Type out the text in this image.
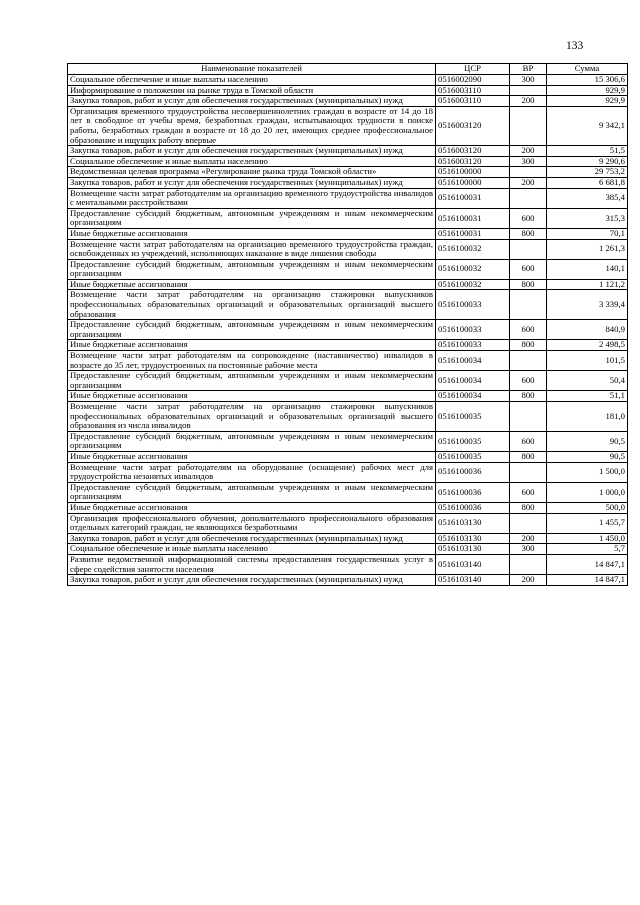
133
Наименование показателей	ЦСР	ВР	Сумма
Социальное обеспечение и иные выплаты населению	0516002090	300	15 306,6
Информирование о положении на рынке труда в Томской области	0516003110		929,9
Закупка товаров, работ и услуг для обеспечения государственных (муниципальных) нужд	0516003110	200	929,9
Организация временного трудоустройства несовершеннолетних граждан в возрасте от 14 до 18 лет в свободное от учебы время, безработных граждан, испытывающих трудности в поиске работы, безработных граждан в возрасте от 18 до 20 лет, имеющих среднее профессиональное образование и ищущих работу впервые	0516003120		9 342,1
Закупка товаров, работ и услуг для обеспечения государственных (муниципальных) нужд	0516003120	200	51,5
Социальное обеспечение и иные выплаты населению	0516003120	300	9 290,6
Ведомственная целевая программа «Регулирование рынка труда Томской области»	0516100000		29 753,2
Закупка товаров, работ и услуг для обеспечения государственных (муниципальных) нужд	0516100000	200	6 681,8
Возмещение части затрат работодателям на организацию временного трудоустройства инвалидов с ментальными расстройствами	0516100031		385,4
Предоставление субсидий бюджетным, автономным учреждениям и иным некоммерческим организациям	0516100031	600	315,3
Иные бюджетные ассигнования	0516100031	800	70,1
Возмещение части затрат работодателям на организацию временного трудоустройства граждан, освобожденных из учреждений, исполняющих наказание в виде лишения свободы	0516100032		1 261,3
Предоставление субсидий бюджетным, автономным учреждениям и иным некоммерческим организациям	0516100032	600	140,1
Иные бюджетные ассигнования	0516100032	800	1 121,2
Возмещение части затрат работодателям на организацию стажировки выпускников профессиональных образовательных организаций и образовательных организаций высшего образования	0516100033		3 339,4
Предоставление субсидий бюджетным, автономным учреждениям и иным некоммерческим организациям	0516100033	600	840,9
Иные бюджетные ассигнования	0516100033	800	2 498,5
Возмещение части затрат работодателям на сопровождение (наставничество) инвалидов в возрасте до 35 лет, трудоустроенных на постоянные рабочие места	0516100034		101,5
Предоставление субсидий бюджетным, автономным учреждениям и иным некоммерческим организациям	0516100034	600	50,4
Иные бюджетные ассигнования	0516100034	800	51,1
Возмещение части затрат работодателям на организацию стажировки выпускников профессиональных образовательных организаций и образовательных организаций высшего образования из числа инвалидов	0516100035		181,0
Предоставление субсидий бюджетным, автономным учреждениям и иным некоммерческим организациям	0516100035	600	90,5
Иные бюджетные ассигнования	0516100035	800	90,5
Возмещение части затрат работодателям на оборудование (оснащение) рабочих мест для трудоустройства незанятых инвалидов	0516100036		1 500,0
Предоставление субсидий бюджетным, автономным учреждениям и иным некоммерческим организациям	0516100036	600	1 000,0
Иные бюджетные ассигнования	0516100036	800	500,0
Организация профессионального обучения, дополнительного профессионального образования отдельных категорий граждан, не являющихся безработными	0516103130		1 455,7
Закупка товаров, работ и услуг для обеспечения государственных (муниципальных) нужд	0516103130	200	1 450,0
Социальное обеспечение и иные выплаты населению	0516103130	300	5,7
Развитие ведомственной информационной системы предоставления государственных услуг в сфере содействия занятости населения	0516103140		14 847,1
Закупка товаров, работ и услуг для обеспечения государственных (муниципальных) нужд	0516103140	200	14 847,1
